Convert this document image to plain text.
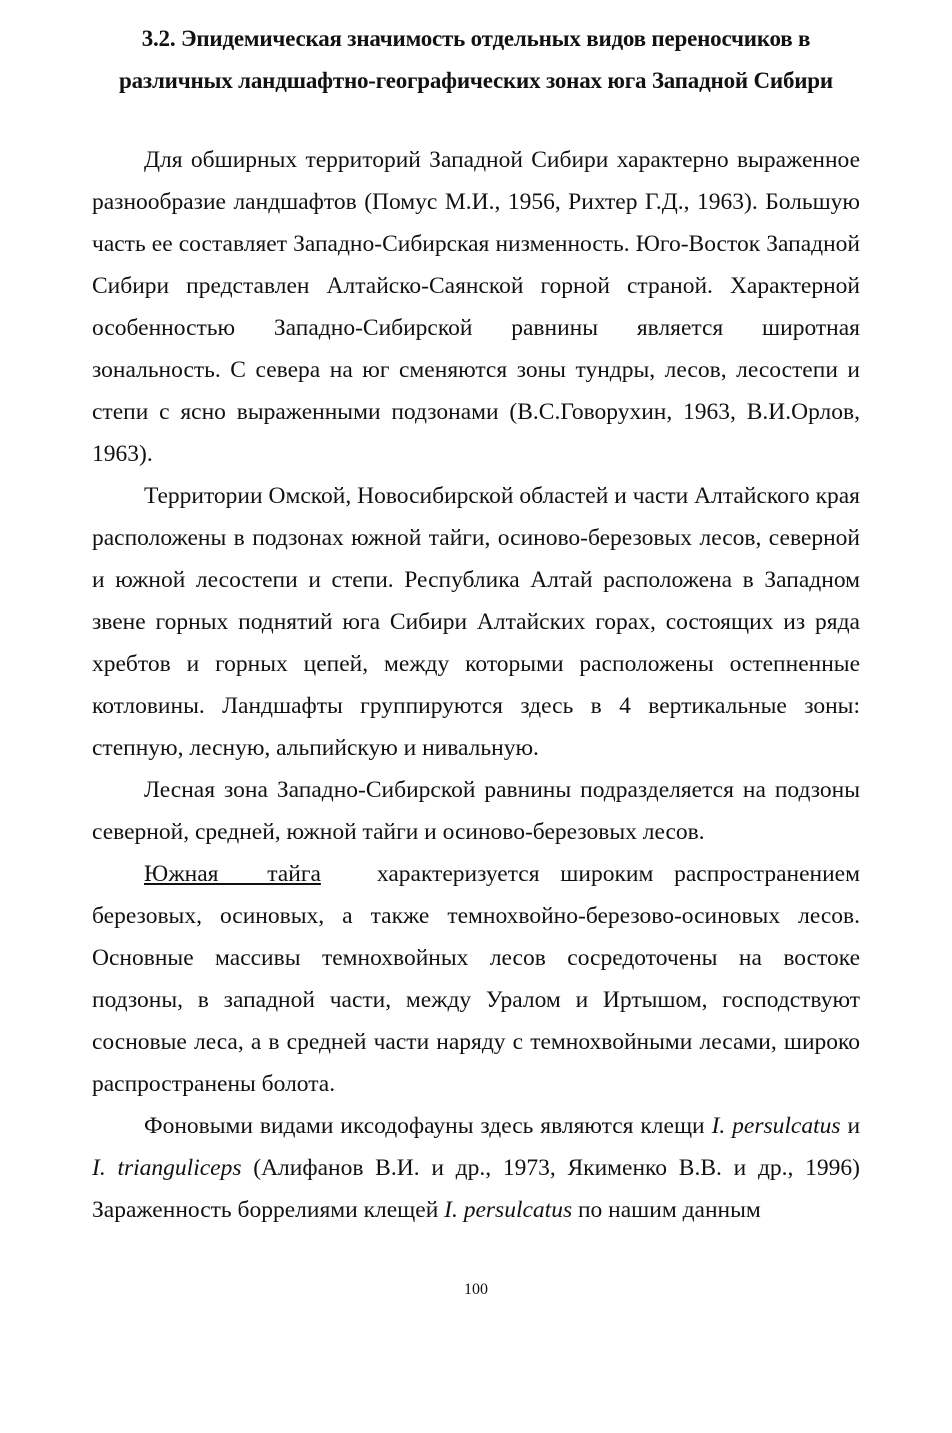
3.2. Эпидемическая значимость отдельных видов переносчиков в
различных ландшафтно-географических зонах юга Западной Сибири

Для обширных территорий Западной Сибири характерно выраженное разнообразие ландшафтов (Помус М.И., 1956, Рихтер Г.Д., 1963). Большую часть ее составляет Западно-Сибирская низменность. Юго-Восток Западной Сибири представлен Алтайско-Саянской горной страной. Характерной особенностью Западно-Сибирской равнины является широтная зональность. С севера на юг сменяются зоны тундры, лесов, лесостепи и степи с ясно выраженными подзонами (В.С.Говорухин, 1963, В.И.Орлов, 1963).

Территории Омской, Новосибирской областей и части Алтайского края расположены в подзонах южной тайги, осиново-березовых лесов, северной и южной лесостепи и степи. Республика Алтай расположена в Западном звене горных поднятий юга Сибири Алтайских горах, состоящих из ряда хребтов и горных цепей, между которыми расположены остепненные котловины. Ландшафты группируются здесь в 4 вертикальные зоны: степную, лесную, альпийскую и нивальную.

Лесная зона Западно-Сибирской равнины подразделяется на подзоны северной, средней, южной тайги и осиново-березовых лесов.

Южная тайга характеризуется широким распространением березовых, осиновых, а также темнохвойно-березово-осиновых лесов. Основные массивы темнохвойных лесов сосредоточены на востоке подзоны, в западной части, между Уралом и Иртышом, господствуют сосновые леса, а в средней части наряду с темнохвойными лесами, широко распространены болота.

Фоновыми видами иксодофауны здесь являются клещи I. persulcatus и I. trianguliceps (Алифанов В.И. и др., 1973, Якименко В.В. и др., 1996) Зараженность боррелиями клещей I. persulcatus по нашим данным

100
